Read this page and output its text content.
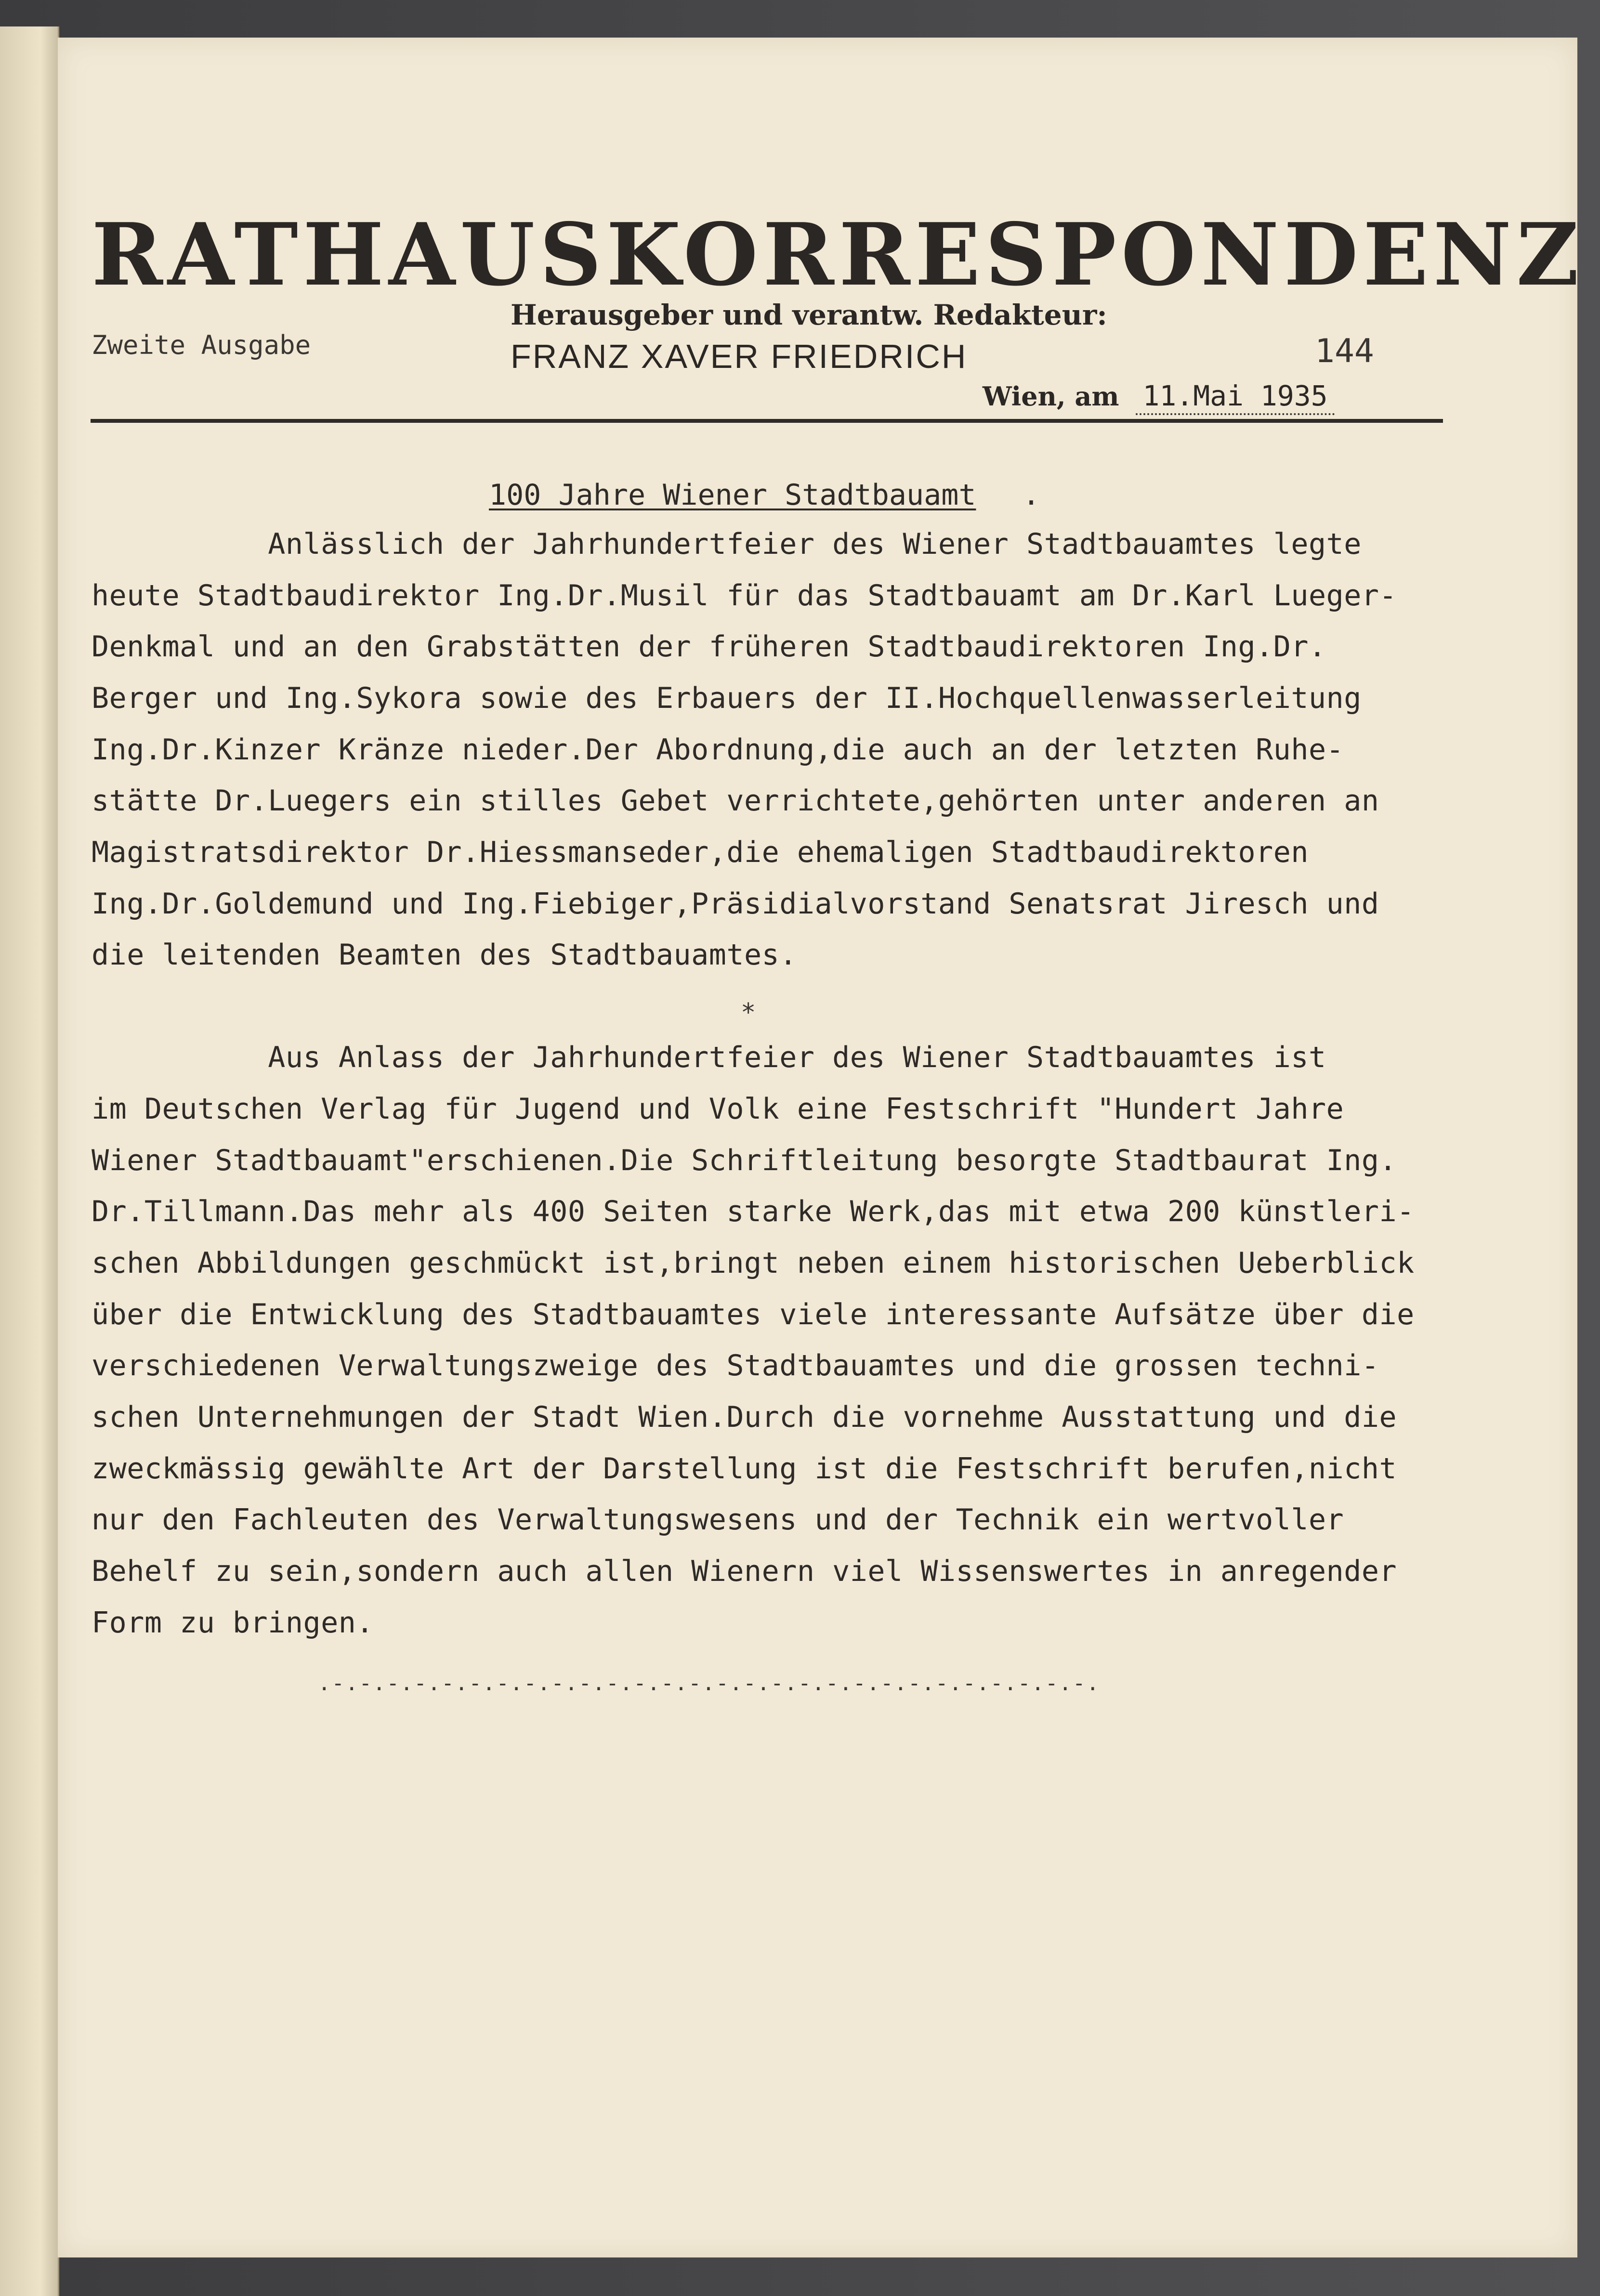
RATHAUSKORRESPONDENZ
Zweite Ausgabe
Herausgeber und verantw. Redakteur:
FRANZ XAVER FRIEDRICH	144
Wien, am 11.Mai 1935
100 Jahre Wiener Stadtbauamt .
Anlässlich der Jahrhundertfeier des Wiener Stadtbauamtes legte
heute Stadtbaudirektor Ing.Dr.Musil für das Stadtbauamt am Dr.Karl Lueger-
Denkmal und an den Grabstätten der früheren Stadtbaudirektoren Ing.Dr.
Berger und Ing.Sykora sowie des Erbauers der II.Hochquellenwasserleitung
Ing.Dr.Kinzer Kränze nieder.Der Abordnung,die auch an der letzten Ruhe-
stätte Dr.Luegers ein stilles Gebet verrichtete,gehörten unter anderen an
Magistratsdirektor Dr.Hiessmanseder,die ehemaligen Stadtbaudirektoren
Ing.Dr.Goldemund und Ing.Fiebiger,Präsidialvorstand Senatsrat Jiresch und
die leitenden Beamten des Stadtbauamtes.
*
Aus Anlass der Jahrhundertfeier des Wiener Stadtbauamtes ist
im Deutschen Verlag für Jugend und Volk eine Festschrift "Hundert Jahre
Wiener Stadtbauamt"erschienen.Die Schriftleitung besorgte Stadtbaurat Ing.
Dr.Tillmann.Das mehr als 400 Seiten starke Werk,das mit etwa 200 künstleri-
schen Abbildungen geschmückt ist,bringt neben einem historischen Ueberblick
über die Entwicklung des Stadtbauamtes viele interessante Aufsätze über die
verschiedenen Verwaltungszweige des Stadtbauamtes und die grossen techni-
schen Unternehmungen der Stadt Wien.Durch die vornehme Ausstattung und die
zweckmässig gewählte Art der Darstellung ist die Festschrift berufen,nicht
nur den Fachleuten des Verwaltungswesens und der Technik ein wertvoller
Behelf zu sein,sondern auch allen Wienern viel Wissenswertes in anregender
Form zu bringen.
.-.-.-.-.-.-.-.-.-.-.-.-.-.-.-.-.-.-.-.-.-.-.-.-.-.-.-.-.
